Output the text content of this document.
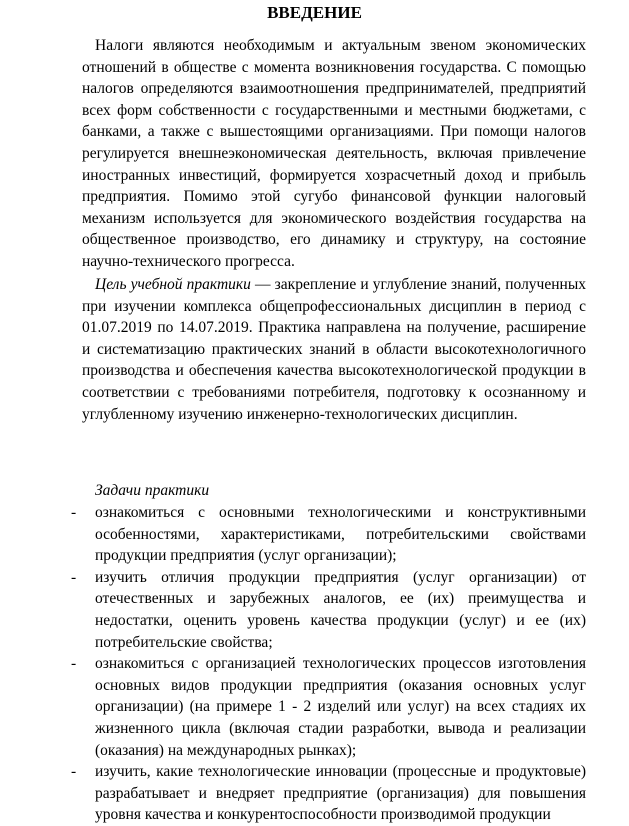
ВВЕДЕНИЕ

Налоги являются необходимым и актуальным звеном экономических отношений в обществе с момента возникновения государства. С помощью налогов определяются взаимоотношения предпринимателей, предприятий всех форм собственности с государственными и местными бюджетами, с банками, а также с вышестоящими организациями. При помощи налогов регулируется внешнеэкономическая деятельность, включая привлечение иностранных инвестиций, формируется хозрасчетный доход и прибыль предприятия. Помимо этой сугубо финансовой функции налоговый механизм используется для экономического воздействия государства на общественное производство, его динамику и структуру, на состояние научно-технического прогресса.

Цель учебной практики — закрепление и углубление знаний, полученных при изучении комплекса общепрофессиональных дисциплин в период с 01.07.2019 по 14.07.2019. Практика направлена на получение, расширение и систематизацию практических знаний в области высокотехнологичного производства и обеспечения качества высокотехнологической продукции в соответствии с требованиями потребителя, подготовку к осознанному и углубленному изучению инженерно-технологических дисциплин.

Задачи практики

-	ознакомиться с основными технологическими и конструктивными особенностями, характеристиками, потребительскими свойствами продукции предприятия (услуг организации);
-	изучить отличия продукции предприятия (услуг организации) от отечественных и зарубежных аналогов, ее (их) преимущества и недостатки, оценить уровень качества продукции (услуг) и ее (их) потребительские свойства;
-	ознакомиться с организацией технологических процессов изготовления основных видов продукции предприятия (оказания основных услуг организации) (на примере 1 - 2 изделий или услуг) на всех стадиях их жизненного цикла (включая стадии разработки, вывода и реализации (оказания) на международных рынках);
-	изучить, какие технологические инновации (процессные и продуктовые) разрабатывает и внедряет предприятие (организация) для повышения уровня качества и конкурентоспособности производимой продукции
